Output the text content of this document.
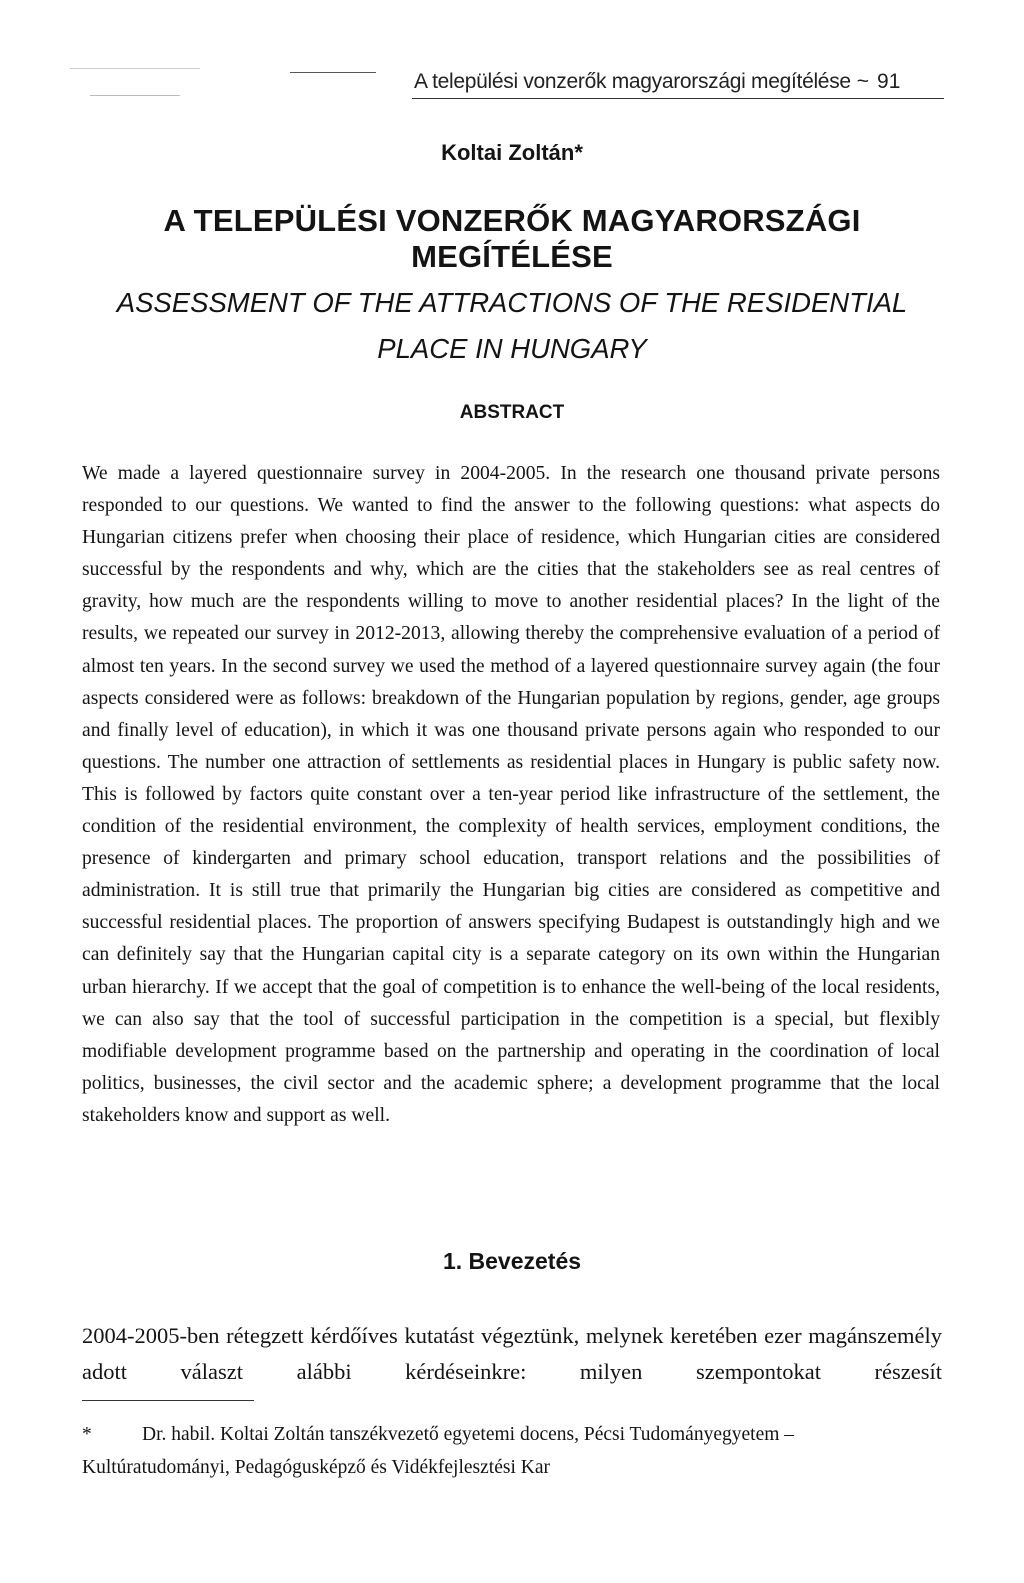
A települési vonzerők magyarországi megítélése ~ 91
Koltai Zoltán*
A TELEPÜLÉSI VONZERŐK MAGYARORSZÁGI MEGÍTÉLÉSE
ASSESSMENT OF THE ATTRACTIONS OF THE RESIDENTIAL
PLACE IN HUNGARY
ABSTRACT
We made a layered questionnaire survey in 2004-2005. In the research one thousand private persons responded to our questions. We wanted to find the answer to the following questions: what aspects do Hungarian citizens prefer when choosing their place of residence, which Hungarian cities are considered successful by the respondents and why, which are the cities that the stakeholders see as real centres of gravity, how much are the respondents willing to move to another residential places? In the light of the results, we repeated our survey in 2012-2013, allowing thereby the comprehensive evaluation of a period of almost ten years. In the second survey we used the method of a layered questionnaire survey again (the four aspects considered were as follows: breakdown of the Hungarian population by regions, gender, age groups and finally level of education), in which it was one thousand private persons again who responded to our questions. The number one attraction of settlements as residential places in Hungary is public safety now. This is followed by factors quite constant over a ten-year period like infrastructure of the settlement, the condition of the residential environment, the complexity of health services, employment conditions, the presence of kindergarten and primary school education, transport relations and the possibilities of administration. It is still true that primarily the Hungarian big cities are considered as competitive and successful residential places. The proportion of answers specifying Budapest is outstandingly high and we can definitely say that the Hungarian capital city is a separate category on its own within the Hungarian urban hierarchy. If we accept that the goal of competition is to enhance the well-being of the local residents, we can also say that the tool of successful participation in the competition is a special, but flexibly modifiable development programme based on the partnership and operating in the coordination of local politics, businesses, the civil sector and the academic sphere; a development programme that the local stakeholders know and support as well.
1. Bevezetés
2004-2005-ben rétegzett kérdőíves kutatást végeztünk, melynek keretében ezer magánszemély adott választ alábbi kérdéseinkre: milyen szempontokat részesít
*	Dr. habil. Koltai Zoltán tanszékvezető egyetemi docens, Pécsi Tudományegyetem –
Kultúratudományi, Pedagógusképző és Vidékfejlesztési Kar
